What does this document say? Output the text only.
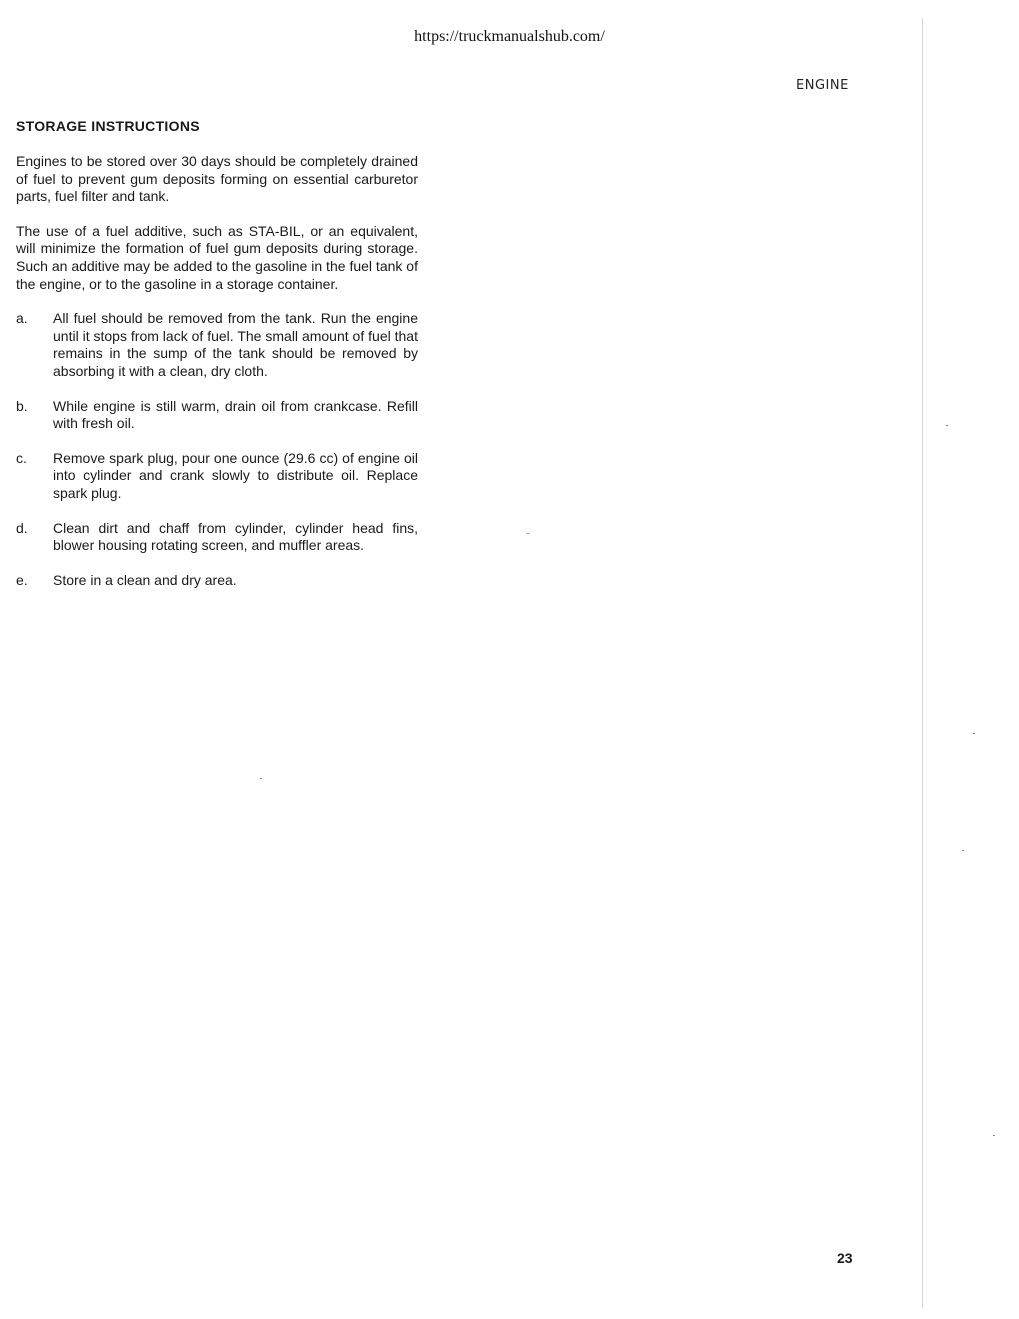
https://truckmanualshub.com/
ENGINE
STORAGE INSTRUCTIONS

Engines to be stored over 30 days should be completely drained of fuel to prevent gum deposits forming on essential carburetor parts, fuel filter and tank.

The use of a fuel additive, such as STA-BIL, or an equivalent, will minimize the formation of fuel gum deposits during storage. Such an additive may be added to the gasoline in the fuel tank of the engine, or to the gasoline in a storage container.

a.	All fuel should be removed from the tank. Run the engine until it stops from lack of fuel. The small amount of fuel that remains in the sump of the tank should be removed by absorbing it with a clean, dry cloth.
b.	While engine is still warm, drain oil from crankcase. Refill with fresh oil.
c.	Remove spark plug, pour one ounce (29.6 cc) of engine oil into cylinder and crank slowly to distribute oil. Replace spark plug.
d.	Clean dirt and chaff from cylinder, cylinder head fins, blower housing rotating screen, and muffler areas.
e.	Store in a clean and dry area.
23
